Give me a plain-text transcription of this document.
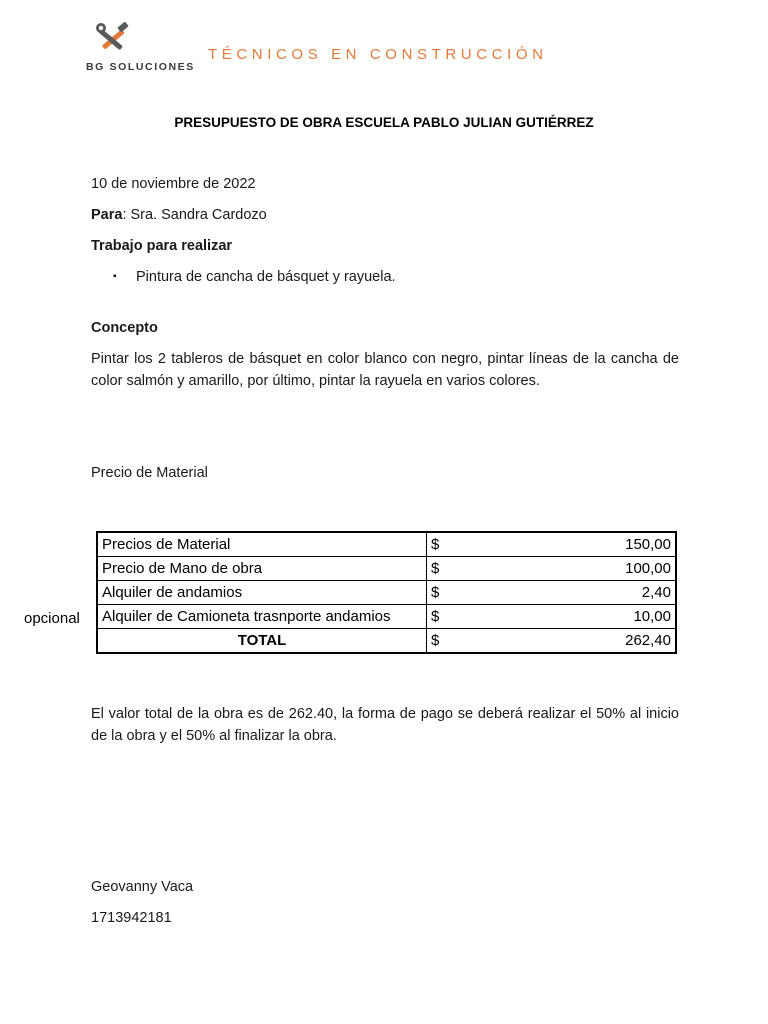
BG SOLUCIONES
TÉCNICOS EN CONSTRUCCIÓN
PRESUPUESTO DE OBRA ESCUELA PABLO JULIAN GUTIÉRREZ
10 de noviembre de 2022
Para: Sra. Sandra Cardozo
Trabajo para realizar
▪ Pintura de cancha de básquet y rayuela.
Concepto
Pintar los 2 tableros de básquet en color blanco con negro, pintar líneas de la cancha de color salmón y amarillo, por último, pintar la rayuela en varios colores.
Precio de Material
opcional
Precios de Material	$	150,00
Precio de Mano de obra	$	100,00
Alquiler de andamios	$	2,40
Alquiler de Camioneta trasnporte andamios	$	10,00
TOTAL	$	262,40
El valor total de la obra es de 262.40, la forma de pago se deberá realizar el 50% al inicio de la obra y el 50% al finalizar la obra.
Geovanny Vaca
1713942181
